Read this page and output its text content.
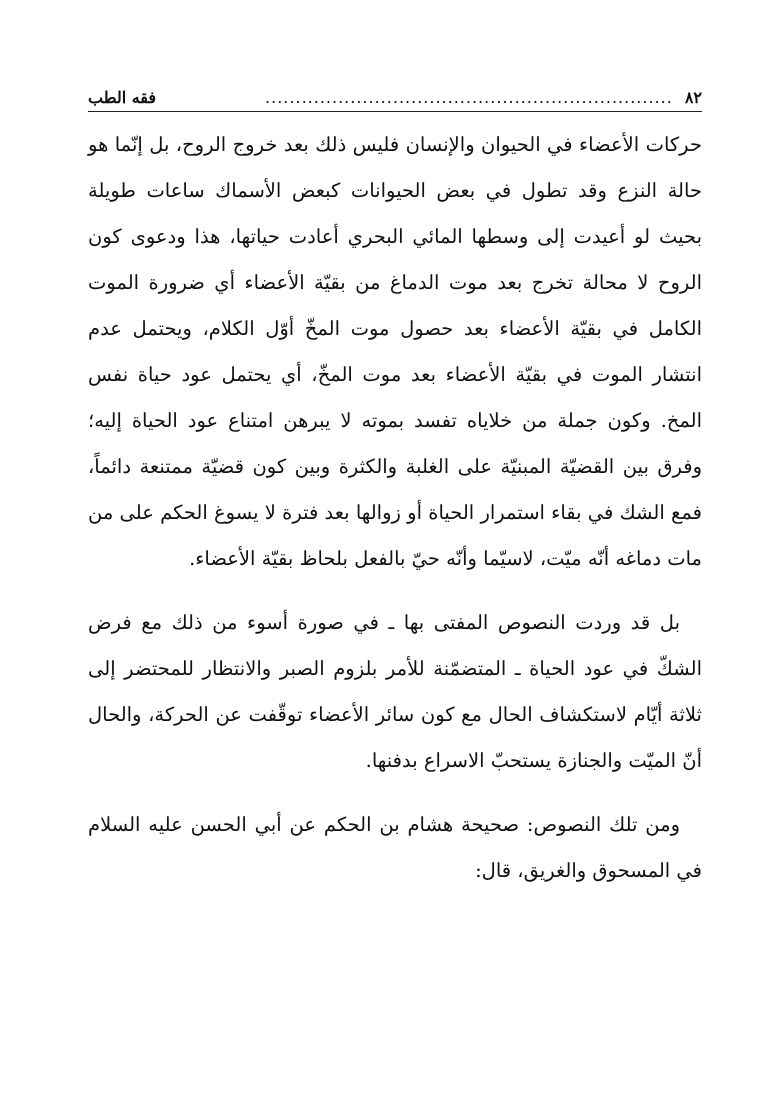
٨٢
...................................................................
فقه الطب

حركات الأعضاء في الحيوان والإنسان فليس ذلك بعد خروج الروح، بل إنّما هو حالة النزع وقد تطول في بعض الحيوانات كبعض الأسماك ساعات طويلة بحيث لو أعيدت إلى وسطها المائي البحري أعادت حياتها، هذا ودعوى كون الروح لا محالة تخرج بعد موت الدماغ من بقيّة الأعضاء أي ضرورة الموت الكامل في بقيّة الأعضاء بعد حصول موت المخّ أوّل الكلام، ويحتمل عدم انتشار الموت في بقيّة الأعضاء بعد موت المخّ، أي يحتمل عود حياة نفس المخ. وكون جملة من خلاياه تفسد بموته لا يبرهن امتناع عود الحياة إليه؛ وفرق بين القضيّة المبنيّة على الغلبة والكثرة وبين كون قضيّة ممتنعة دائماً، فمع الشك في بقاء استمرار الحياة أو زوالها بعد فترة لا يسوغ الحكم على من مات دماغه أنّه ميّت، لاسيّما وأنّه حيّ بالفعل بلحاظ بقيّة الأعضاء.

بل قد وردت النصوص المفتى بها ـ في صورة أسوء من ذلك مع فرض الشكّ في عود الحياة ـ المتضمّنة للأمر بلزوم الصبر والانتظار للمحتضر إلى ثلاثة أيّام لاستكشاف الحال مع كون سائر الأعضاء توقّفت عن الحركة، والحال أنّ الميّت والجنازة يستحبّ الاسراع بدفنها.

ومن تلك النصوص: صحيحة هشام بن الحكم عن أبي الحسن عليه السلام في المسحوق والغريق، قال:
